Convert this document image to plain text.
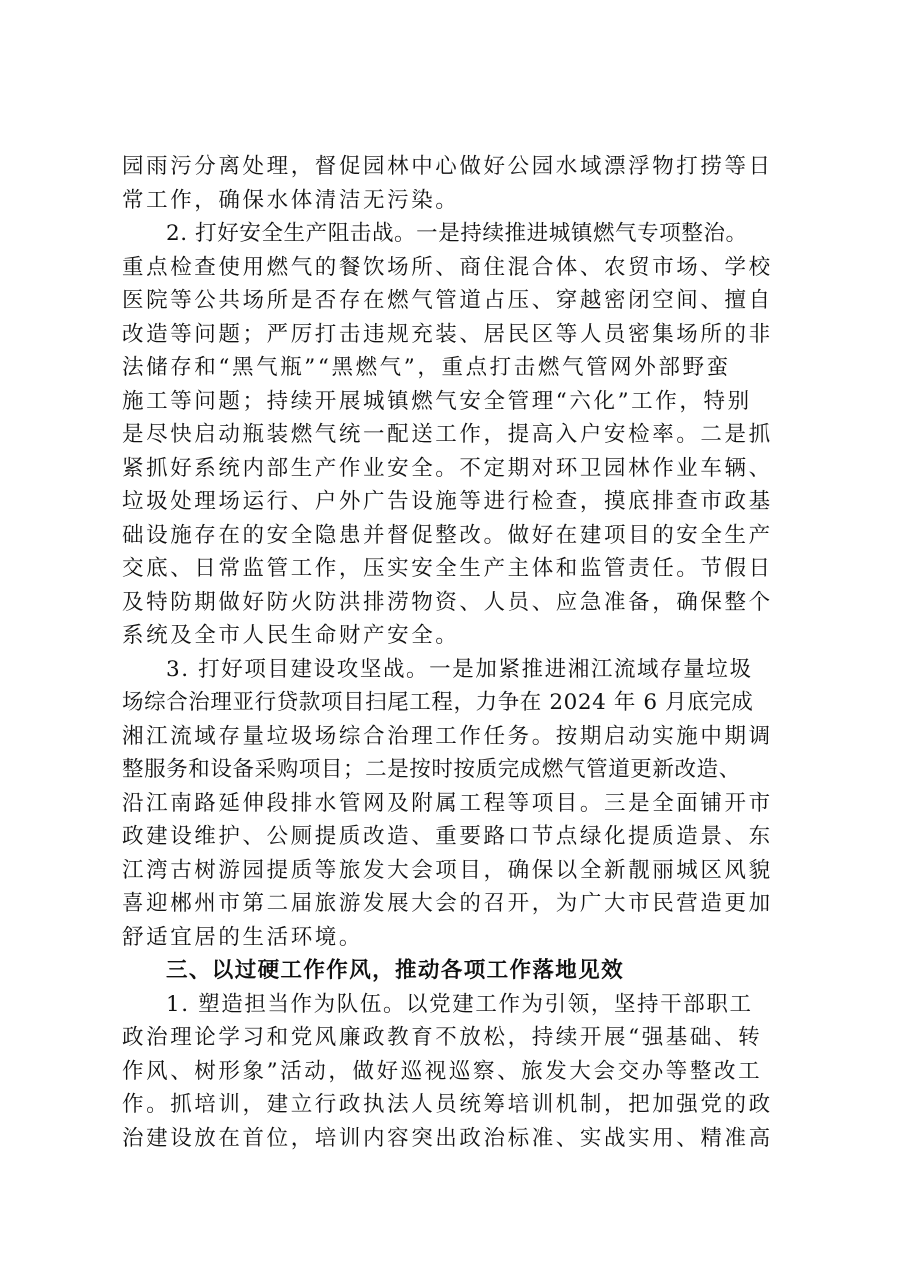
园雨污分离处理，督促园林中心做好公园水域漂浮物打捞等日
常工作，确保水体清洁无污染。
2. 打好安全生产阻击战。一是持续推进城镇燃气专项整治。
重点检查使用燃气的餐饮场所、商住混合体、农贸市场、学校
医院等公共场所是否存在燃气管道占压、穿越密闭空间、擅自
改造等问题；严厉打击违规充装、居民区等人员密集场所的非
法储存和“黑气瓶”“黑燃气”，重点打击燃气管网外部野蛮
施工等问题；持续开展城镇燃气安全管理“六化”工作，特别
是尽快启动瓶装燃气统一配送工作，提高入户安检率。二是抓
紧抓好系统内部生产作业安全。不定期对环卫园林作业车辆、
垃圾处理场运行、户外广告设施等进行检查，摸底排查市政基
础设施存在的安全隐患并督促整改。做好在建项目的安全生产
交底、日常监管工作，压实安全生产主体和监管责任。节假日
及特防期做好防火防洪排涝物资、人员、应急准备，确保整个
系统及全市人民生命财产安全。
3. 打好项目建设攻坚战。一是加紧推进湘江流域存量垃圾
场综合治理亚行贷款项目扫尾工程，力争在 2024 年 6 月底完成
湘江流域存量垃圾场综合治理工作任务。按期启动实施中期调
整服务和设备采购项目；二是按时按质完成燃气管道更新改造、
沿江南路延伸段排水管网及附属工程等项目。三是全面铺开市
政建设维护、公厕提质改造、重要路口节点绿化提质造景、东
江湾古树游园提质等旅发大会项目，确保以全新靓丽城区风貌
喜迎郴州市第二届旅游发展大会的召开，为广大市民营造更加
舒适宜居的生活环境。
三、以过硬工作作风，推动各项工作落地见效
1. 塑造担当作为队伍。以党建工作为引领，坚持干部职工
政治理论学习和党风廉政教育不放松，持续开展“强基础、转
作风、树形象”活动，做好巡视巡察、旅发大会交办等整改工
作。抓培训，建立行政执法人员统筹培训机制，把加强党的政
治建设放在首位，培训内容突出政治标准、实战实用、精准高
